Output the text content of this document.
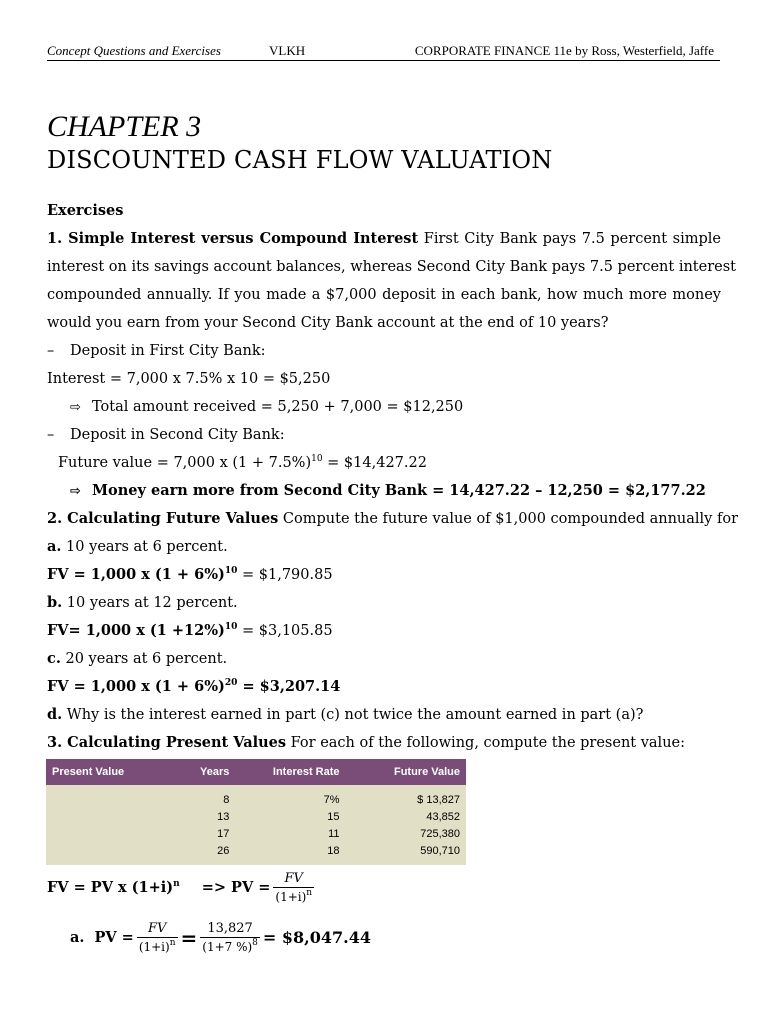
Concept Questions and Exercises	VLKH	CORPORATE FINANCE 11e by Ross, Westerfield, Jaffe
CHAPTER 3
DISCOUNTED CASH FLOW VALUATION
Exercises
1. Simple Interest versus Compound Interest First City Bank pays 7.5 percent simple
interest on its savings account balances, whereas Second City Bank pays 7.5 percent interest
compounded annually. If you made a $7,000 deposit in each bank, how much more money
would you earn from your Second City Bank account at the end of 10 years?
– Deposit in First City Bank:
Interest = 7,000 x 7.5% x 10 = $5,250
⇨ Total amount received = 5,250 + 7,000 = $12,250
– Deposit in Second City Bank:
Future value = 7,000 x $(1 + 7.5\%)^{10}$ = $14,427.22
⇨ Money earn more from Second City Bank = 14,427.22 – 12,250 = $2,177.22
2. Calculating Future Values Compute the future value of $1,000 compounded annually for
a. 10 years at 6 percent.
FV = 1,000 x $(1 + 6\%)^{10}$ = $1,790.85
b. 10 years at 12 percent.
FV= 1,000 x $(1 +12\%)^{10}$ = $3,105.85
c. 20 years at 6 percent.
FV = 1,000 x $(1 + 6\%)^{20}$ = $3,207.14
d. Why is the interest earned in part (c) not twice the amount earned in part (a)?
3. Calculating Present Values For each of the following, compute the present value:
Present Value	Years	Interest Rate	Future Value
	8	7%	$ 13,827
	13	15	43,852
	17	11	725,380
	26	18	590,710
FV = PV x $(1+i)^n$ => PV = $\frac{FV}{(1+i)^n}$
a. PV = $\frac{FV}{(1+i)^n} = \frac{13,827}{(1+7 \%)^8}$ = $8,047.44
